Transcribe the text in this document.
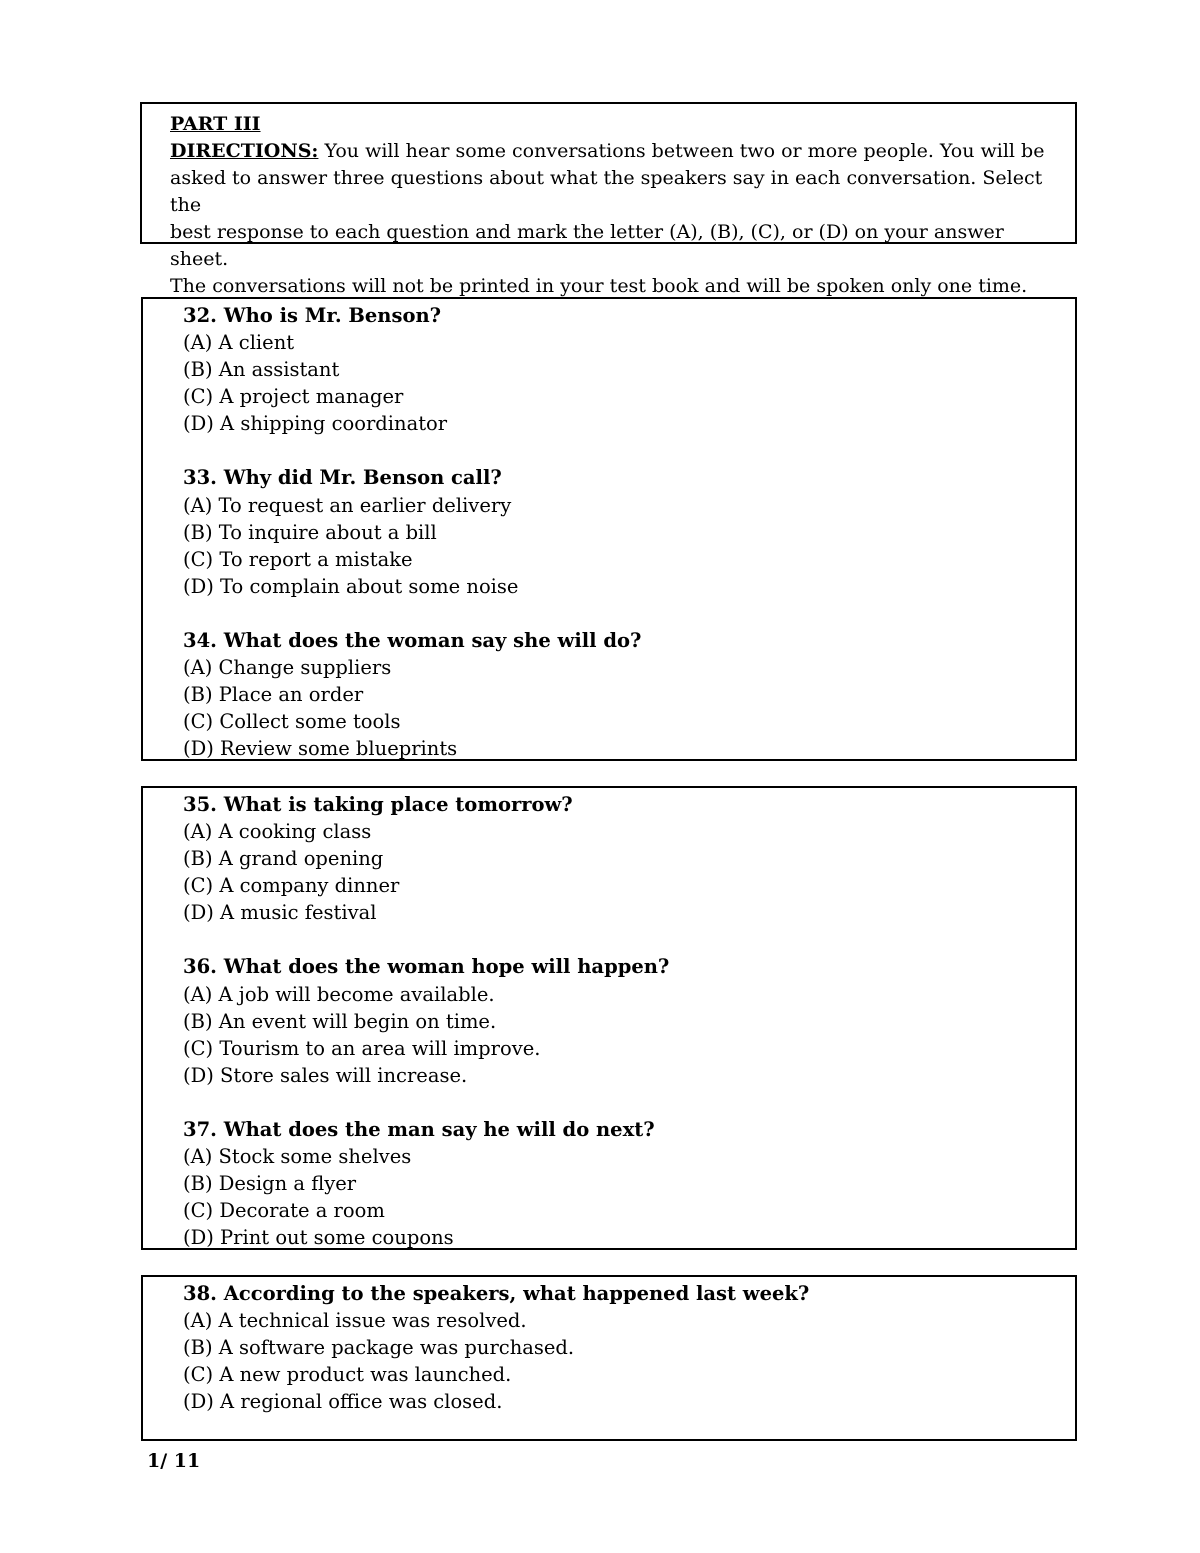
PART III
DIRECTIONS: You will hear some conversations between two or more people. You will be
asked to answer three questions about what the speakers say in each conversation. Select the
best response to each question and mark the letter (A), (B), (C), or (D) on your answer sheet.
The conversations will not be printed in your test book and will be spoken only one time.
32. Who is Mr. Benson?
(A) A client
(B) An assistant
(C) A project manager
(D) A shipping coordinator
33. Why did Mr. Benson call?
(A) To request an earlier delivery
(B) To inquire about a bill
(C) To report a mistake
(D) To complain about some noise
34. What does the woman say she will do?
(A) Change suppliers
(B) Place an order
(C) Collect some tools
(D) Review some blueprints
35. What is taking place tomorrow?
(A) A cooking class
(B) A grand opening
(C) A company dinner
(D) A music festival
36. What does the woman hope will happen?
(A) A job will become available.
(B) An event will begin on time.
(C) Tourism to an area will improve.
(D) Store sales will increase.
37. What does the man say he will do next?
(A) Stock some shelves
(B) Design a flyer
(C) Decorate a room
(D) Print out some coupons
38. According to the speakers, what happened last week?
(A) A technical issue was resolved.
(B) A software package was purchased.
(C) A new product was launched.
(D) A regional office was closed.
1/ 11
